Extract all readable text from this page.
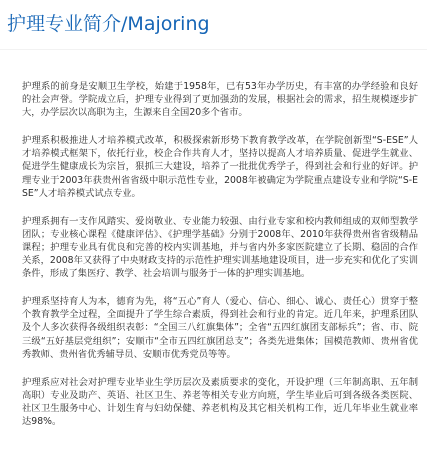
护理专业简介/Majoring

护理系的前身是安顺卫生学校，始建于1958年，已有53年办学历史，有丰富的办学经验和良好的社会声誉。学院成立后，护理专业得到了更加强劲的发展，根据社会的需求，招生规模逐步扩大，办学层次以高职为主，生源来自全国20多个省市。

护理系积极推进人才培养模式改革，积极探索新形势下教育教学改革，在学院创新型“S-ESE”人才培养模式框架下，依托行业，校企合作共育人才，坚持以提高人才培养质量、促进学生就业、促进学生健康成长为宗旨，狠抓三大建设，培养了一批批优秀学子，得到社会和行业的好评。护理专业于2003年获贵州省省级中职示范性专业，2008年被确定为学院重点建设专业和学院“S-ESE”人才培养模式试点专业。

护理系拥有一支作风踏实、爱岗敬业、专业能力较强、由行业专家和校内教师组成的双师型教学团队；专业核心课程《健康评估》、《护理学基础》分别于2008年、2010年获得贵州省省级精品课程；护理专业具有优良和完善的校内实训基地，并与省内外多家医院建立了长期、稳固的合作关系，2008年又获得了中央财政支持的示范性护理实训基地建设项目，进一步充实和优化了实训条件，形成了集医疗、教学、社会培训与服务于一体的护理实训基地。

护理系坚持育人为本，德育为先，将“五心”育人（爱心、信心、细心、诚心、责任心）贯穿于整个教育教学全过程，全面提升了学生综合素质，得到社会和行业的肯定。近几年来，护理系团队及个人多次获得各级组织表彰：“全国三八红旗集体”；全省“五四红旗团支部标兵”；省、市、院三级“五好基层党组织”；安顺市“全市五四红旗团总支”；各类先进集体；国模范教师、贵州省优秀教师、贵州省优秀辅导员、安顺市优秀党员等等。

护理系应对社会对护理专业毕业生学历层次及素质要求的变化，开设护理（三年制高职、五年制高职）专业及助产、英语、社区卫生、养老等相关专业方向班，学生毕业后可到各级各类医院、社区卫生服务中心、计划生育与妇幼保健、养老机构及其它相关机构工作，近几年毕业生就业率达98%。
